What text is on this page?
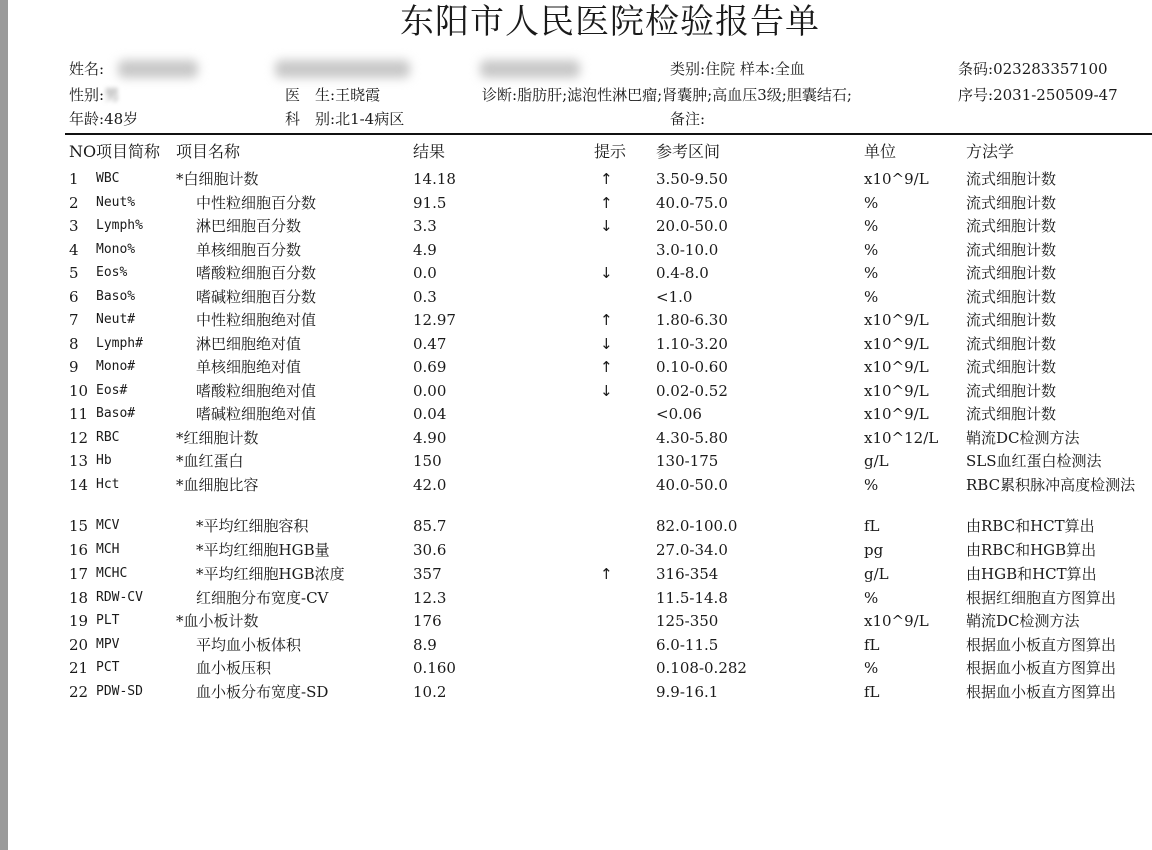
东阳市人民医院检验报告单
姓名:	类别:住院 样本:全血	条码:023283357100
性别:男	医　生:王晓霞	诊断:脂肪肝;滤泡性淋巴瘤;肾囊肿;高血压3级;胆囊结石;	序号:2031-250509-47
年龄:48岁	科　别:北1-4病区	备注:
NO 项目简称 项目名称	结果	提示 参考区间	单位	方法学
1 WBC	*白细胞计数	14.18	↑	3.50-9.50	x10^9/L 流式细胞计数
2 Neut%	中性粒细胞百分数	91.5	↑	40.0-75.0	%	流式细胞计数
3 Lymph%	淋巴细胞百分数	3.3	↓	20.0-50.0	%	流式细胞计数
4 Mono%	单核细胞百分数	4.9	3.0-10.0	%	流式细胞计数
5 Eos%	嗜酸粒细胞百分数	0.0	↓	0.4-8.0	%	流式细胞计数
6 Baso%	嗜碱粒细胞百分数	0.3	<1.0	%	流式细胞计数
7 Neut#	中性粒细胞绝对值	12.97	↑	1.80-6.30	x10^9/L 流式细胞计数
8 Lymph#	淋巴细胞绝对值	0.47	↓	1.10-3.20	x10^9/L 流式细胞计数
9 Mono#	单核细胞绝对值	0.69	↑	0.10-0.60	x10^9/L 流式细胞计数
10 Eos#	嗜酸粒细胞绝对值	0.00	↓	0.02-0.52	x10^9/L 流式细胞计数
11 Baso#	嗜碱粒细胞绝对值	0.04	<0.06	x10^9/L 流式细胞计数
12 RBC	*红细胞计数	4.90	4.30-5.80	x10^12/L 鞘流DC检测方法
13 Hb	*血红蛋白	150	130-175	g/L	SLS血红蛋白检测法
14 Hct	*血细胞比容	42.0	40.0-50.0	%	RBC累积脉冲高度检测法
15 MCV	*平均红细胞容积	85.7	82.0-100.0	fL	由RBC和HCT算出
16 MCH	*平均红细胞HGB量	30.6	27.0-34.0	pg	由RBC和HGB算出
17 MCHC	*平均红细胞HGB浓度	357	↑	316-354	g/L	由HGB和HCT算出
18 RDW-CV	红细胞分布宽度-CV	12.3	11.5-14.8	%	根据红细胞直方图算出
19 PLT	*血小板计数	176	125-350	x10^9/L 鞘流DC检测方法
20 MPV	平均血小板体积	8.9	6.0-11.5	fL	根据血小板直方图算出
21 PCT	血小板压积	0.160	0.108-0.282	%	根据血小板直方图算出
22 PDW-SD	血小板分布宽度-SD	10.2	9.9-16.1	fL	根据血小板直方图算出
